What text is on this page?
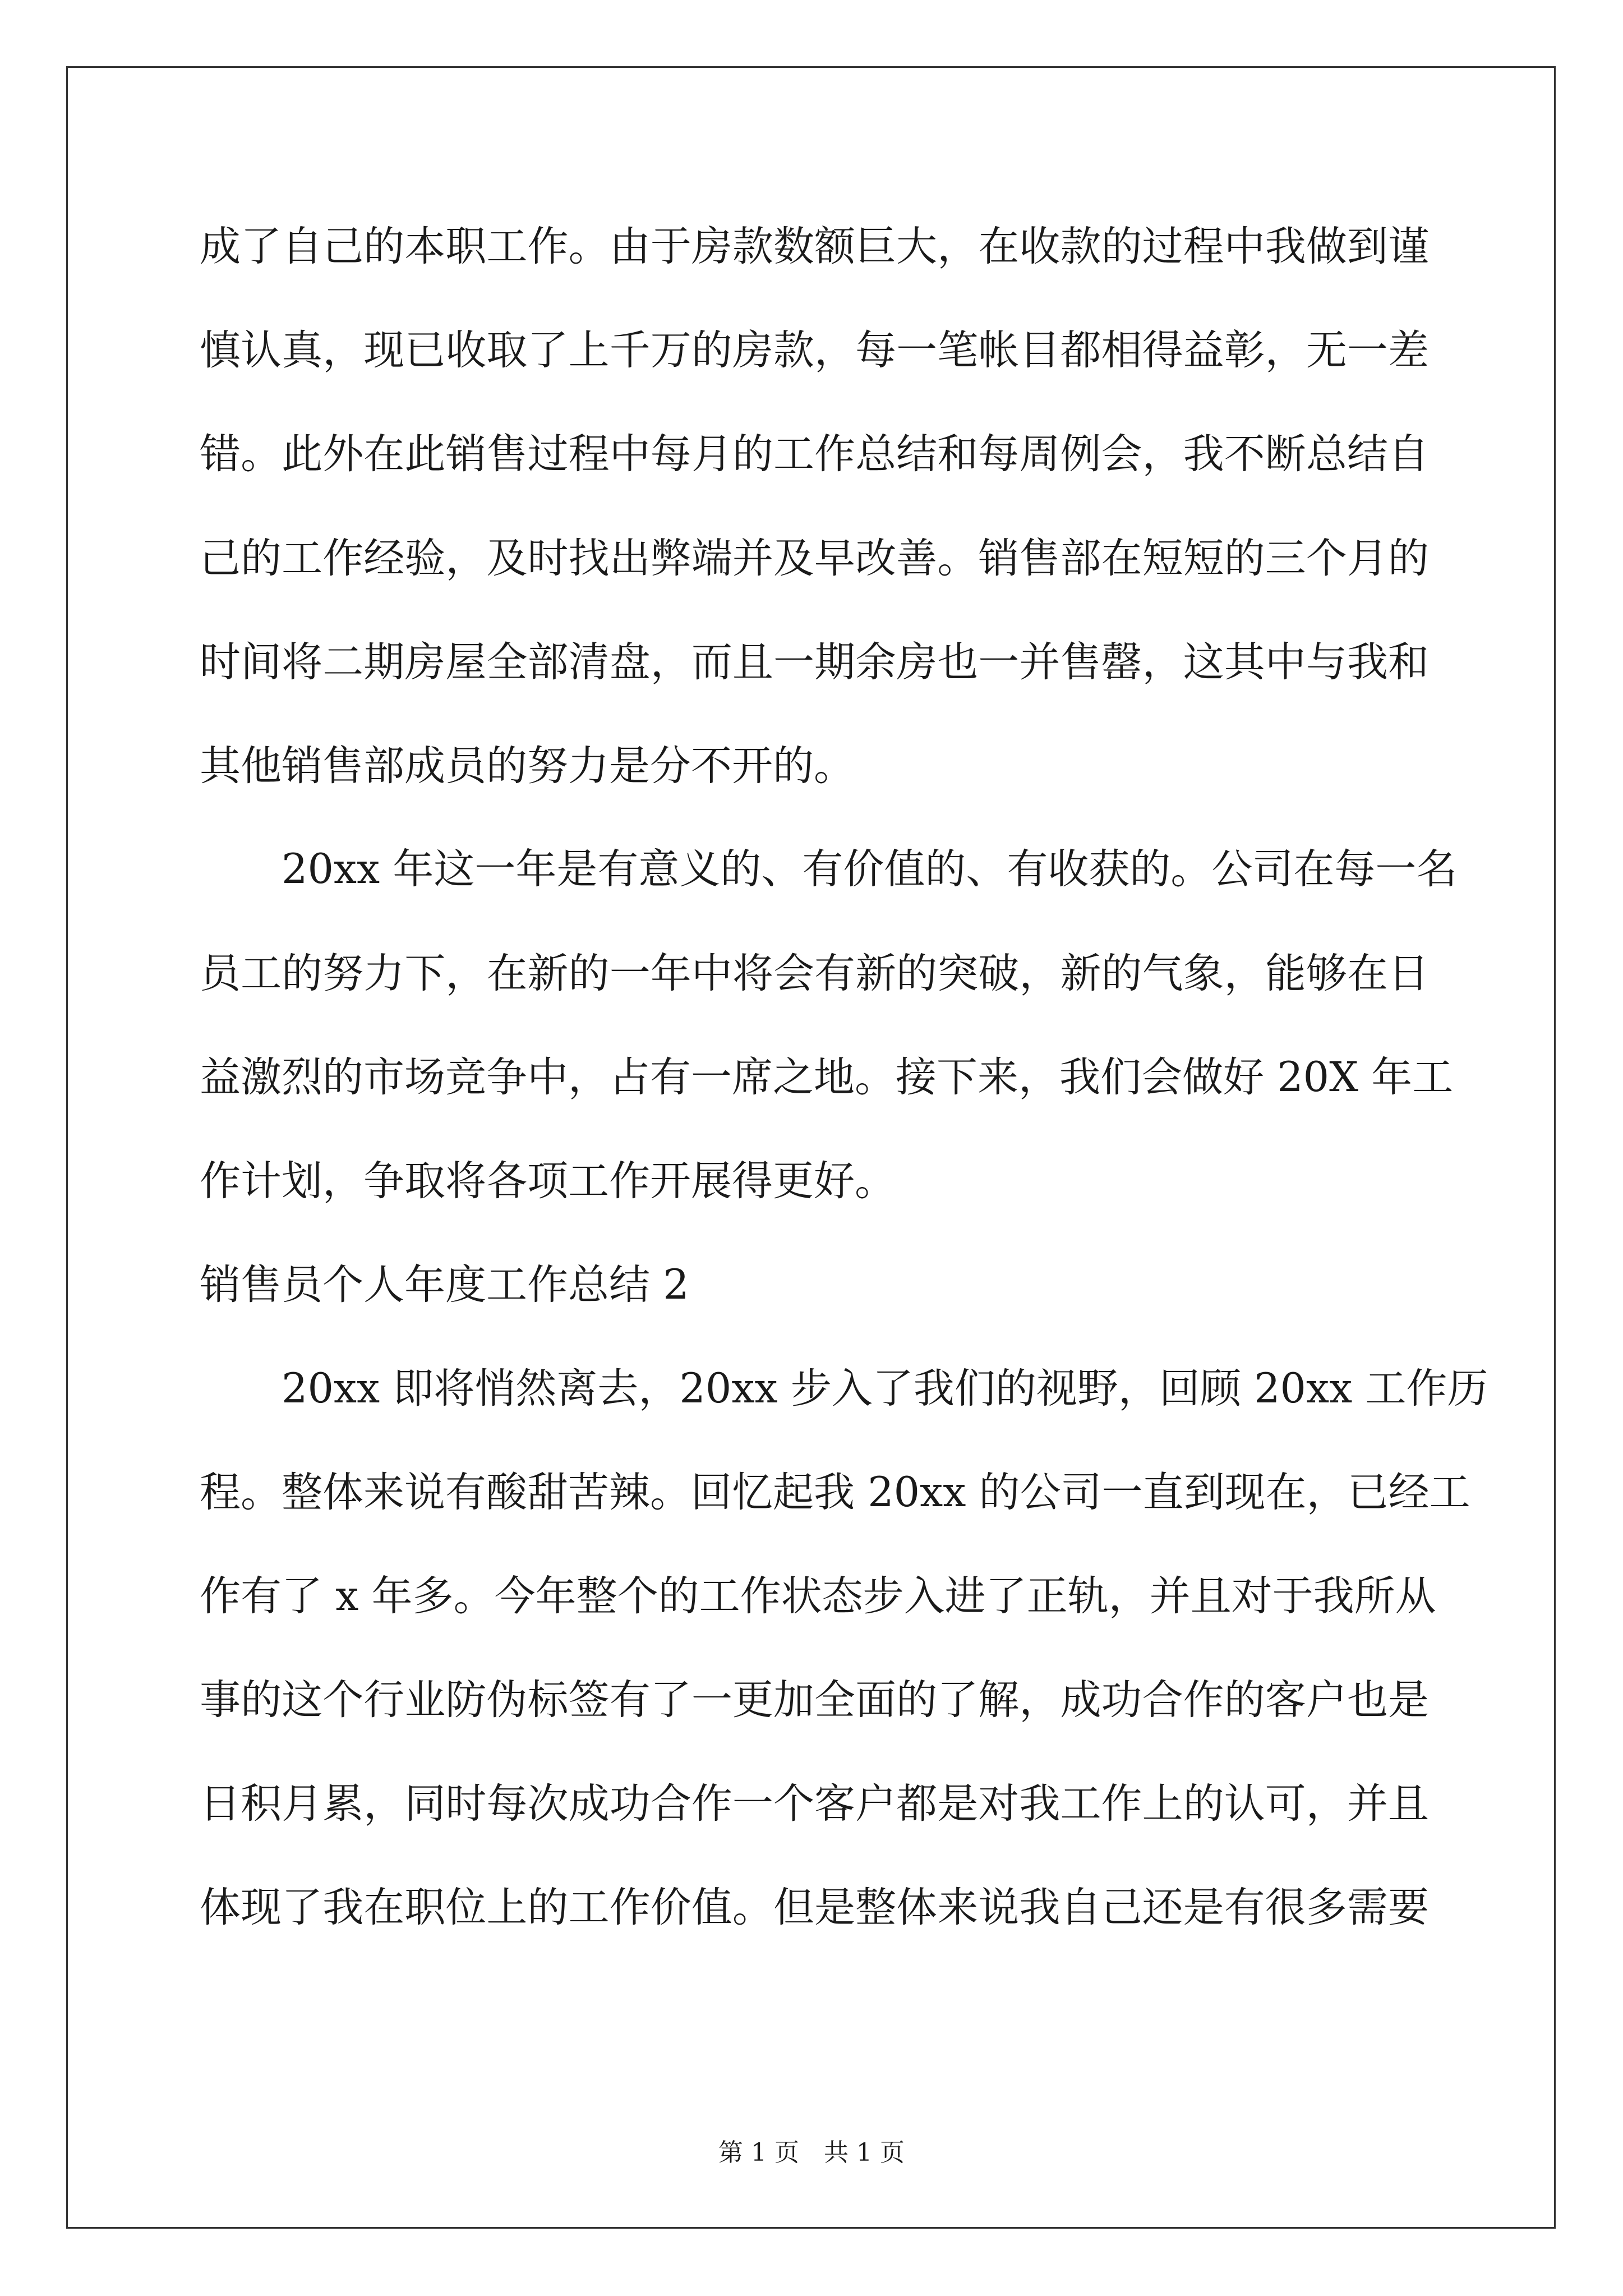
成了自己的本职工作。由于房款数额巨大，在收款的过程中我做到谨
慎认真，现已收取了上千万的房款，每一笔帐目都相得益彰，无一差
错。此外在此销售过程中每月的工作总结和每周例会，我不断总结自
己的工作经验，及时找出弊端并及早改善。销售部在短短的三个月的
时间将二期房屋全部清盘，而且一期余房也一并售罄，这其中与我和
其他销售部成员的努力是分不开的。
　　20xx 年这一年是有意义的、有价值的、有收获的。公司在每一名
员工的努力下，在新的一年中将会有新的突破，新的气象，能够在日
益激烈的市场竞争中，占有一席之地。接下来，我们会做好 20X 年工
作计划，争取将各项工作开展得更好。
销售员个人年度工作总结 2
　　20xx 即将悄然离去，20xx 步入了我们的视野，回顾 20xx 工作历
程。整体来说有酸甜苦辣。回忆起我 20xx 的公司一直到现在，已经工
作有了 x 年多。今年整个的工作状态步入进了正轨，并且对于我所从
事的这个行业防伪标签有了一更加全面的了解，成功合作的客户也是
日积月累，同时每次成功合作一个客户都是对我工作上的认可，并且
体现了我在职位上的工作价值。但是整体来说我自己还是有很多需要
第 1 页　共 1 页
